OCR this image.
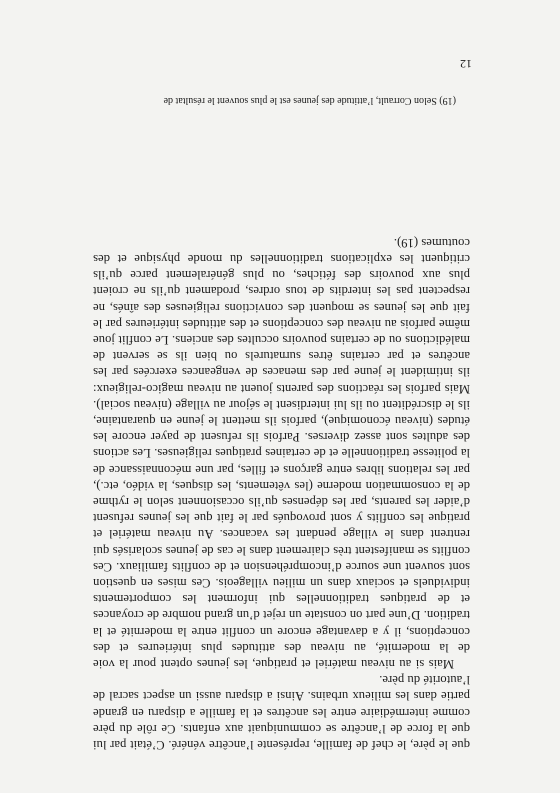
que le père, le chef de famille, représente l’ancêtre vénéré. C’était par lui que la force de l’ancêtre se communiquait aux enfants. Ce rôle du père comme intermédiaire entre les ancêtres et la famille a disparu en grande partie dans les milieux urbains. Ainsi a disparu aussi un aspect sacral de l’autorité du père.

Mais si au niveau matériel et pratique, les jeunes optent pour la voie de la modernité, au niveau des attitudes plus intérieures et des conceptions, il y a davantage encore un conflit entre la modernité et la tradition. D’une part on constate un rejet d’un grand nombre de croyances et de pratiques traditionnelles qui informent les comportements individuels et sociaux dans un milieu villageois. Ces mises en question sont souvent une source d’incompréhension et de conflits familiaux. Ces conflits se manifestent très clairement dans le cas de jeunes scolarisés qui rentrent dans le village pendant les vacances. Au niveau matériel et pratique les conflits y sont provoqués par le fait que les jeunes refusent d’aider les parents, par les dépenses qu’ils occasionnent selon le rythme de la consommation moderne (les vêtements, les disques, la vidéo, etc.), par les relations libres entre garçons et filles, par une méconnaissance de la politesse traditionnelle et de certaines pratiques religieuses. Les actions des adultes sont assez diverses. Parfois ils refusent de payer encore les études (niveau économique), parfois ils mettent le jeune en quarantaine, ils le discréditent ou ils lui interdisent le séjour au village (niveau social). Mais parfois les réactions des parents jouent au niveau magico-religieux: ils intimident le jeune par des menaces de vengeances exercées par les ancêtres et par certains êtres surnaturels ou bien ils se servent de malédictions ou de certains pouvoirs occultes des anciens. Le conflit joue même parfois au niveau des conceptions et des attitudes intérieures par le fait que les jeunes se moquent des convictions religieuses des aînés, ne respectent pas les interdits de tous ordres, prodament qu’ils ne croient plus aux pouvoirs des fétiches, ou plus généralement parce qu’ils critiquent les explications traditionnelles du monde physique et des coutumes (19).

(19) Selon Corrault, l’attitude des jeunes est le plus souvent le résultat de
12
